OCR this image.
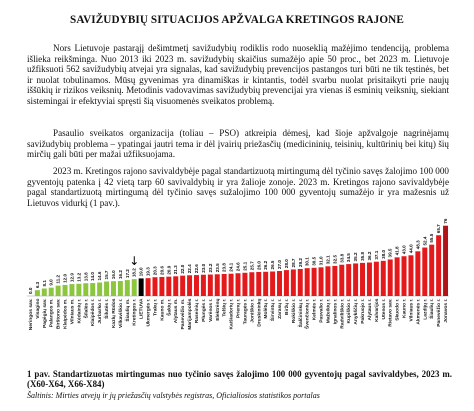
SAVIŽUDYBIŲ SITUACIJOS APŽVALGA KRETINGOS RAJONE

Nors Lietuvoje pastarąjį dešimtmetį savižudybių rodiklis rodo nuoseklią mažėjimo tendenciją, problema išlieka reikšminga. Nuo 2013 iki 2023 m. savižudybių skaičius sumažėjo apie 50 proc., bet 2023 m. Lietuvoje užfiksuoti 562 savižudybių atvejai yra signalas, kad savižudybių prevencijos pastangos turi būti ne tik tęstinės, bet ir nuolat tobulinamos. Mūsų gyvenimas yra dinamiškas ir kintantis, todėl svarbu nuolat prisitaikyti prie naujų iššūkių ir rizikos veiksnių. Metodinis vadovavimas savižudybių prevencijai yra vienas iš esminių veiksnių, siekiant sistemingai ir efektyviai spręsti šią visuomenės sveikatos problemą.

Pasaulio sveikatos organizacija (toliau – PSO) atkreipia dėmesį, kad šioje apžvalgoje nagrinėjamų savižudybių problema – ypatingai jautri tema ir dėl įvairių priežasčių (medicininių, teisinių, kultūrinių bei kitų) šių mirčių gali būti per mažai užfiksuojama.

2023 m. Kretingos rajono savivaldybėje pagal standartizuotą mirtingumą dėl tyčinio savęs žalojimo 100 000 gyventojų patenka į 42 vietą tarp 60 savivaldybių ir yra žalioje zonoje. 2023 m. Kretingos rajono savivaldybėje pagal standartizuotą mirtingumą dėl tyčinio savęs sužalojimo 100 000 gyventojų sumažėjo ir yra mažesnis už Lietuvos vidurkį (1 pav.).

0.0
Neringos sav.
6.3
Visagino
8.1
Pagėgių sav.
9.0
Palangos m.
11.2
Birštono sav.
12.0
Klaipėdos m.
12.9
Vilniaus m.
13.2
Kėdainių r.
13.8
Šilalės r.
14.0
Klaipėdos r.
14.6
Jurbarko r.
15.7
Šilutės r.
16.0
Kazlų Rūdos
16.2
Vilkaviškio r.
17.2
Šiaulių m.
18.2
Kretingos r.
↓
19.0
LIETUVA
19.3
Ukmergės r.
20.3
Trakų r.
20.6
Kauno m.
20.9
Šakių r.
21.3
Alytaus m.
22.0
Panevėžio m.
22.4
Marijampolės
22.6
Raseinių r.
23.0
Plungės r.
23.2
Varėnos r.
23.5
Elektrėnų
23.8
Telšių r.
24.1
Kaišiadorių r.
24.6
Prienų r.
25.1
Tauragės r.
25.7
Joniškio r.
26.0
Druskininkų
26.2
Molėtų r.
26.5
Širvintų r.
27.0
Zarasų r.
28.0
Biržų r.
28.7
Rokiškio r.
29.2
Šalčininkų r.
30.1
Švenčionių r.
30.5
Kelmės r.
31.0
Pasvalio r.
32.1
Mažeikių r.
32.5
Ignalinos r.
33.8
Radviliškio r.
34.5
Kupiškio r.
35.2
Anykščių r.
35.8
Pakruojo r.
36.2
Alytaus r.
37.1
Kalvarijos
38.0
Utenos r.
39.5
Rietavo sav.
41.8
Skuodo r.
43.0
Kauno r.
44.0
Vilniaus r.
48.3
Akmenės r.
52.4
Lazdijų r.
55.5
Šiaulių r.
65.7
Panevėžio r.
76
Jonavos r.

1 pav. Standartizuotas mirtingumas nuo tyčinio savęs žalojimo 100 000 gyventojų pagal savivaldybes, 2023 m. (X60-X64, X66-X84)

Šaltinis: Mirties atvejų ir jų priežasčių valstybės registras, Oficialiosios statistikos portalas
